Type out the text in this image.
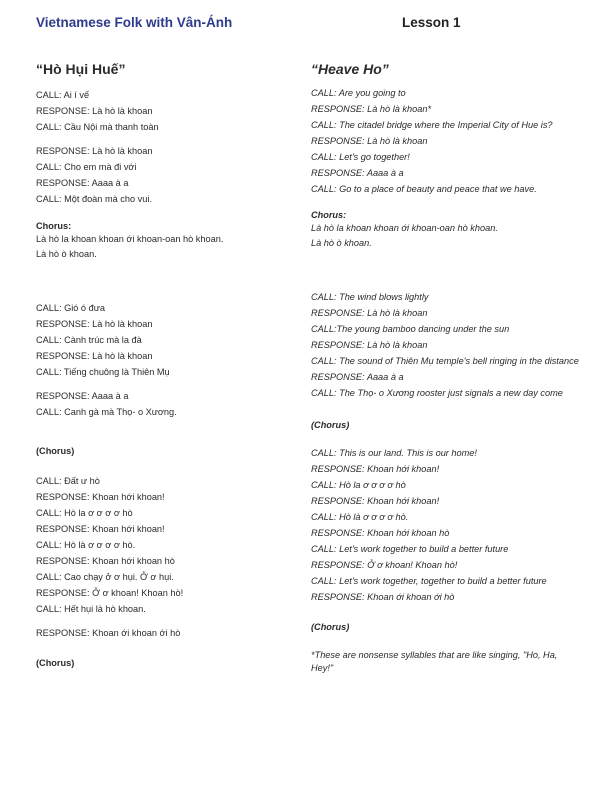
Vietnamese Folk with Vân-Ánh	Lesson 1
“Hò Hụi Huế”
CALL: Ai í vế
RESPONSE: Là hò là khoan
CALL: Cầu Nội mà thanh toàn
RESPONSE: Là hò là khoan
CALL: Cho em mà đi với
RESPONSE: Aaaa à a
CALL: Một đoàn mà cho vui.
Chorus:
Là hò la khoan khoan ới khoan-oan hò khoan.
Là hò ò khoan.
CALL: Gió ó đưa
RESPONSE: Là hò là khoan
CALL: Cành trúc mà la đà
RESPONSE: Là hò là khoan
CALL: Tiếng chuông là Thiên Mụ
RESPONSE: Aaaa à a
CALL: Canh gà mà Thọ- o Xương.
(Chorus)
CALL: Đất ư hò
RESPONSE: Khoan hới khoan!
CALL: Hò la ơ ơ ơ ơ hò
RESPONSE: Khoan hới khoan!
CALL: Hò là ơ ơ ơ ơ hò.
RESPONSE: Khoan hới khoan hò
CALL: Cao chạy ở ơ hụi. Ở ơ hụi.
RESPONSE: Ở ơ khoan! Khoan hò!
CALL: Hết hụi là hò khoan.
RESPONSE: Khoan ới khoan ới hò
(Chorus)
“Heave Ho”
CALL: Are you going to
RESPONSE: Là hò là khoan*
CALL: The citadel bridge where the Imperial City of Hue is?
RESPONSE: Là hò là khoan
CALL: Let's go together!
RESPONSE: Aaaa à a
CALL: Go to a place of beauty and peace that we have.
Chorus:
Là hò la khoan khoan ới khoan-oan hò khoan.
Là hò ò khoan.
CALL: The wind blows lightly
RESPONSE: Là hò là khoan
CALL:The young bamboo dancing under the sun
RESPONSE: Là hò là khoan
CALL: The sound of Thiên Mụ temple's bell ringing in the distance
RESPONSE: Aaaa à a
CALL: The Thọ- o Xương rooster just signals a new day come
(Chorus)
CALL: This is our land. This is our home!
RESPONSE: Khoan hới khoan!
CALL: Hò la ơ ơ ơ ơ hò
RESPONSE: Khoan hới khoan!
CALL: Hò là ơ ơ ơ ơ hò.
RESPONSE: Khoan hới khoan hò
CALL: Let's work together to build a better future
RESPONSE: Ở ơ khoan! Khoan hò!
CALL: Let's work together, together to build a better future
RESPONSE: Khoan ới khoan ới hò
(Chorus)
*These are nonsense syllables that are like singing, "Ho, Ha, Hey!"
